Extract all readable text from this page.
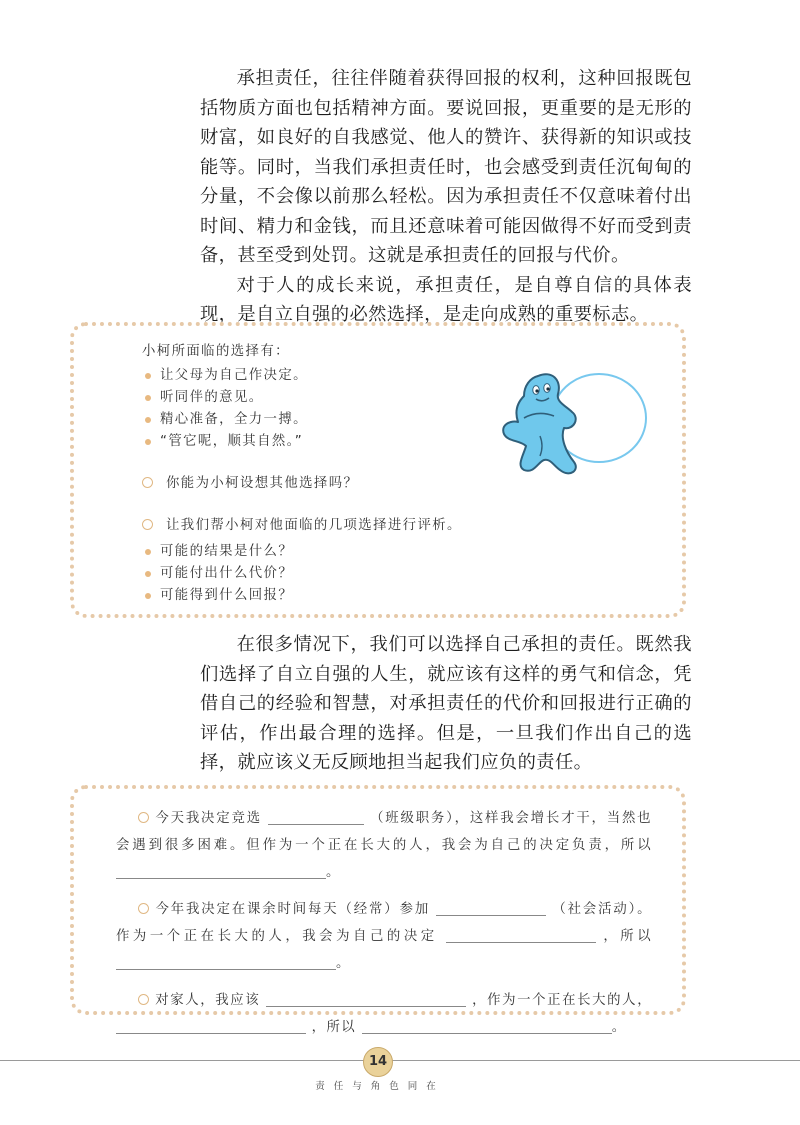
承担责任，往往伴随着获得回报的权利，这种回报既包括物质方面也包括精神方面。要说回报，更重要的是无形的财富，如良好的自我感觉、他人的赞许、获得新的知识或技能等。同时，当我们承担责任时，也会感受到责任沉甸甸的分量，不会像以前那么轻松。因为承担责任不仅意味着付出时间、精力和金钱，而且还意味着可能因做得不好而受到责备，甚至受到处罚。这就是承担责任的回报与代价。

对于人的成长来说，承担责任，是自尊自信的具体表现，是自立自强的必然选择，是走向成熟的重要标志。

小柯所面临的选择有：
让父母为自己作决定。
听同伴的意见。
精心准备，全力一搏。
“管它呢，顺其自然。”
你能为小柯设想其他选择吗？
让我们帮小柯对他面临的几项选择进行评析。
可能的结果是什么？
可能付出什么代价？
可能得到什么回报？

在很多情况下，我们可以选择自己承担的责任。既然我们选择了自立自强的人生，就应该有这样的勇气和信念，凭借自己的经验和智慧，对承担责任的代价和回报进行正确的评估，作出最合理的选择。但是，一旦我们作出自己的选择，就应该义无反顾地担当起我们应负的责任。

今天我决定竞选	（班级职务），这样我会增长才干，当然也会遇到很多困难。但作为一个正在长大的人，我会为自己的决定负责，所以 。

今年我决定在课余时间每天（经常）参加	（社会活动）。作为一个正在长大的人，我会为自己的决定	，所以 。

对家人，我应该	，作为一个正在长大的人，  ，所以	。

14
责任与角色同在
